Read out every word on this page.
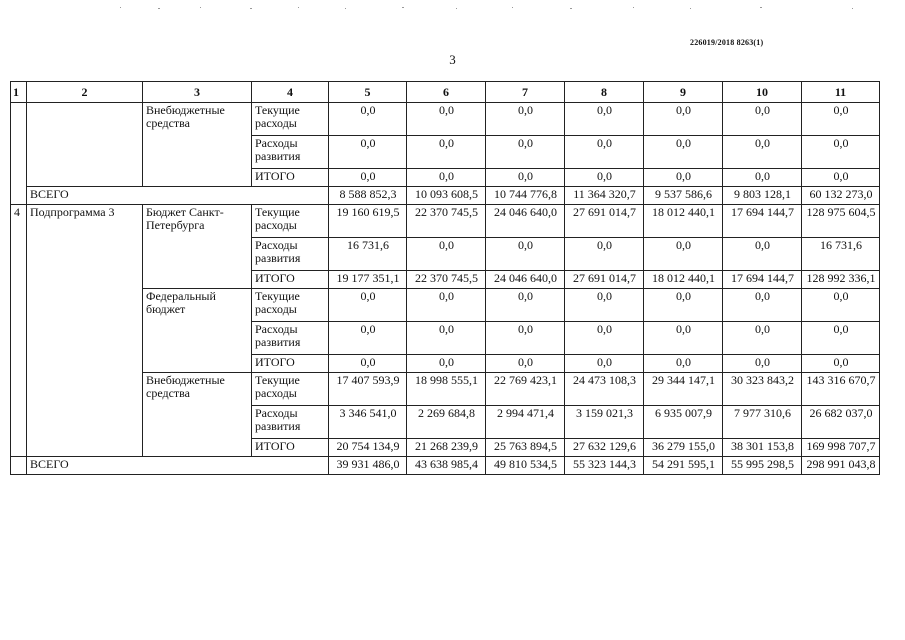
226019/2018 8263(1)
3
1	2	3	4	5	6	7	8	9	10	11
		Внебюджетные средства	Текущие расходы	0,0	0,0	0,0	0,0	0,0	0,0	0,0
			Расходы развития	0,0	0,0	0,0	0,0	0,0	0,0	0,0
			ИТОГО	0,0	0,0	0,0	0,0	0,0	0,0	0,0
	ВСЕГО			8 588 852,3	10 093 608,5	10 744 776,8	11 364 320,7	9 537 586,6	9 803 128,1	60 132 273,0
4	Подпрограмма 3	Бюджет Санкт-Петербурга	Текущие расходы	19 160 619,5	22 370 745,5	24 046 640,0	27 691 014,7	18 012 440,1	17 694 144,7	128 975 604,5
			Расходы развития	16 731,6	0,0	0,0	0,0	0,0	0,0	16 731,6
			ИТОГО	19 177 351,1	22 370 745,5	24 046 640,0	27 691 014,7	18 012 440,1	17 694 144,7	128 992 336,1
		Федеральный бюджет	Текущие расходы	0,0	0,0	0,0	0,0	0,0	0,0	0,0
			Расходы развития	0,0	0,0	0,0	0,0	0,0	0,0	0,0
			ИТОГО	0,0	0,0	0,0	0,0	0,0	0,0	0,0
		Внебюджетные средства	Текущие расходы	17 407 593,9	18 998 555,1	22 769 423,1	24 473 108,3	29 344 147,1	30 323 843,2	143 316 670,7
			Расходы развития	3 346 541,0	2 269 684,8	2 994 471,4	3 159 021,3	6 935 007,9	7 977 310,6	26 682 037,0
			ИТОГО	20 754 134,9	21 268 239,9	25 763 894,5	27 632 129,6	36 279 155,0	38 301 153,8	169 998 707,7
	ВСЕГО			39 931 486,0	43 638 985,4	49 810 534,5	55 323 144,3	54 291 595,1	55 995 298,5	298 991 043,8
